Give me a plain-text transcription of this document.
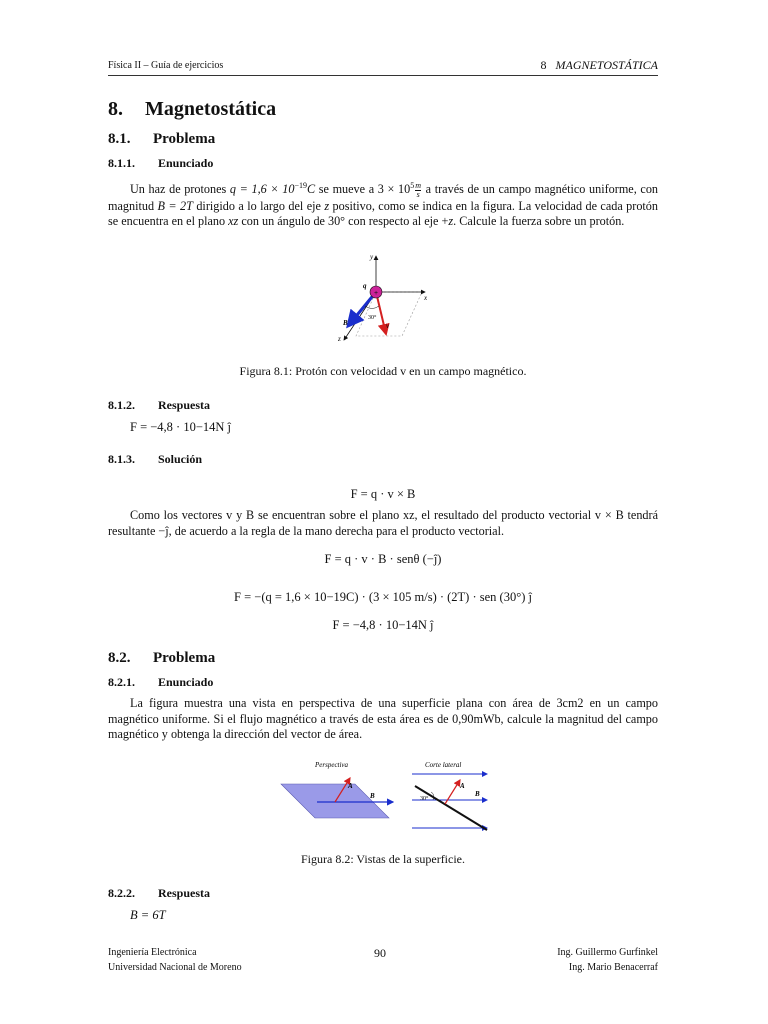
Física II – Guía de ejercicios	8 MAGNETOSTÁTICA
8. Magnetostática
8.1. Problema
8.1.1. Enunciado
Un haz de protones $q = 1,6 \times 10^{-19}C$ se mueve a $3 \times 10^5 \frac{m}{s}$ a través de un campo magnético uniforme, con magnitud B = 2T dirigido a lo largo del eje z positivo, como se indica en la figura. La velocidad de cada protón se encuentra en el plano xz con un ángulo de 30° con respecto al eje +z. Calcule la fuerza sobre un protón.
+
y
x
z
q
B	v
30°
Figura 8.1: Protón con velocidad v en un campo magnético.
8.1.2. Respuesta
F = −4,8 · 10−14N ĵ
8.1.3. Solución
F = q · v × B
Como los vectores v y B se encuentran sobre el plano xz, el resultado del producto vectorial v × B tendrá resultante −ĵ, de acuerdo a la regla de la mano derecha para el producto vectorial.
F = q · v · B · senθ (−ĵ)
F = −(q = 1,6 × 10−19C) · (3 × 105 m/s) · (2T) · sen (30°) ĵ
F = −4,8 · 10−14N ĵ
8.2. Problema
8.2.1. Enunciado
La figura muestra una vista en perspectiva de una superficie plana con área de 3cm2 en un campo magnético uniforme. Si el flujo magnético a través de esta área es de 0,90mWb, calcule la magnitud del campo magnético y obtenga la dirección del vector de área.
Perspectiva	Corte lateral
A
B	30°
A
B
Figura 8.2: Vistas de la superficie.
8.2.2. Respuesta
B = 6T
Ingeniería Electrónica
Universidad Nacional de Moreno
90	Ing. Guillermo Gurfinkel
Ing. Mario Benacerraf
